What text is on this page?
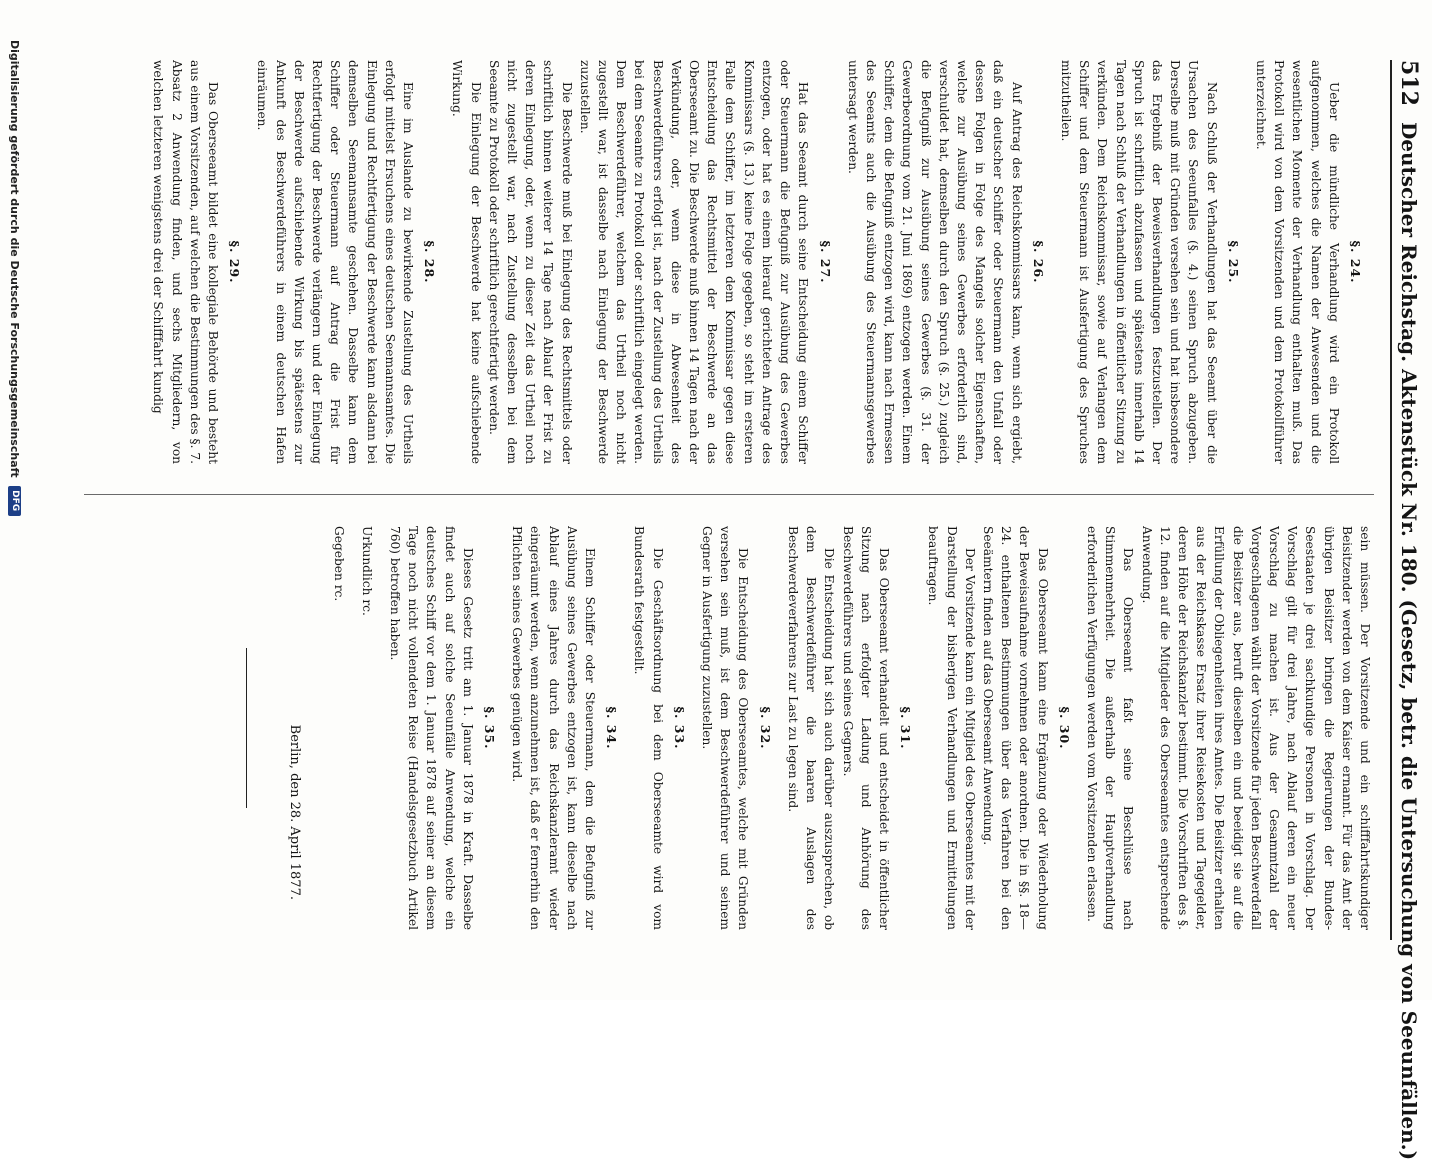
512
Deutscher Reichstag. Aktenstück Nr. 180. (Gesetz, betr. die Untersuchung von Seeunfällen.)
§. 24.
Ueber die mündliche Verhandlung wird ein Protokoll aufgenommen, welches die Namen der Anwesenden und die wesentlichen Momente der Verhandlung enthalten muß. Das Protokoll wird von dem Vorsitzenden und dem Protokollführer unterzeichnet.
§. 25.
Nach Schluß der Verhandlungen hat das Seeamt über die Ursachen des Seeunfalles (§. 4.) seinen Spruch abzugeben. Derselbe muß mit Gründen versehen sein und hat insbesondere das Ergebniß der Beweisverhandlungen festzustellen. Der Spruch ist schriftlich abzufassen und spätestens innerhalb 14 Tagen nach Schluß der Verhandlungen in öffentlicher Sitzung zu verkünden. Dem Reichskommissar, sowie auf Verlangen dem Schiffer und dem Steuermann ist Ausfertigung des Spruches mitzutheilen.
§. 26.
Auf Antrag des Reichskommissars kann, wenn sich ergiebt, daß ein deutscher Schiffer oder Steuermann den Unfall oder dessen Folgen in Folge des Mangels solcher Eigenschaften, welche zur Ausübung seines Gewerbes erforderlich sind, verschuldet hat, demselben durch den Spruch (§. 25.) zugleich die Befugniß zur Ausübung seines Gewerbes (§. 31. der Gewerbeordnung vom 21. Juni 1869) entzogen werden. Einem Schiffer, dem die Befugniß entzogen wird, kann nach Ermessen des Seeamts auch die Ausübung des Steuermannsgewerbes untersagt werden.
§. 27.
Hat das Seeamt durch seine Entscheidung einem Schiffer oder Steuermann die Befugniß zur Ausübung des Gewerbes entzogen, oder hat es einem hierauf gerichteten Antrage des Kommissars (§. 13.) keine Folge gegeben, so steht im ersteren Falle dem Schiffer, im letzteren dem Kommissar gegen diese Entscheidung das Rechtsmittel der Beschwerde an das Oberseeamt zu. Die Beschwerde muß binnen 14 Tagen nach der Verkündung, oder, wenn diese in Abwesenheit des Beschwerdeführers erfolgt ist, nach der Zustellung des Urtheils bei dem Seeamte zu Protokoll oder schriftlich eingelegt werden. Dem Beschwerdeführer, welchem das Urtheil noch nicht zugestellt war, ist dasselbe nach Einlegung der Beschwerde zuzustellen.
Die Beschwerde muß bei Einlegung des Rechtsmittels oder schriftlich binnen weiterer 14 Tage nach Ablauf der Frist zu deren Einlegung, oder, wenn zu dieser Zeit das Urtheil noch nicht zugestellt war, nach Zustellung desselben bei dem Seeamte zu Protokoll oder schriftlich gerechtfertigt werden.
Die Einlegung der Beschwerde hat keine aufschiebende Wirkung.
§. 28.
Eine im Auslande zu bewirkende Zustellung des Urtheils erfolgt mittelst Ersuchens eines deutschen Seemannsamtes. Die Einlegung und Rechtfertigung der Beschwerde kann alsdann bei demselben Seemannsamte geschehen. Dasselbe kann dem Schiffer oder Steuermann auf Antrag die Frist für Rechtfertigung der Beschwerde verlängern und der Einlegung der Beschwerde aufschiebende Wirkung bis spätestens zur Ankunft des Beschwerdeführers in einem deutschen Hafen einräumen.
§. 29.
Das Oberseeamt bildet eine kollegiale Behörde und besteht aus einem Vorsitzenden, auf welchen die Bestimmungen des §. 7. Absatz 2 Anwendung finden, und sechs Mitgliedern, von welchen letzteren wenigstens drei der Schifffahrt kundig
sein müssen. Der Vorsitzende und ein schifffahrtskundiger Beisitzender werden von dem Kaiser ernannt. Für das Amt der übrigen Beisitzer bringen die Regierungen der Bundes-Seestaaten je drei sachkundige Personen in Vorschlag. Der Vorschlag gilt für drei Jahre, nach Ablauf deren ein neuer Vorschlag zu machen ist. Aus der Gesammtzahl der Vorgeschlagenen wählt der Vorsitzende für jeden Beschwerdefall die Beisitzer aus, beruft dieselben ein und beeidigt sie auf die Erfüllung der Obliegenheiten ihres Amtes. Die Beisitzer erhalten aus der Reichskasse Ersatz ihrer Reisekosten und Tagegelder, deren Höhe der Reichskanzler bestimmt. Die Vorschriften des §. 12. finden auf die Mitglieder des Oberseeamtes entsprechende Anwendung.
Das Oberseeamt faßt seine Beschlüsse nach Stimmenmehrheit. Die außerhalb der Hauptverhandlung erforderlichen Verfügungen werden vom Vorsitzenden erlassen.
§. 30.
Das Oberseeamt kann eine Ergänzung oder Wiederholung der Beweisaufnahme vornehmen oder anordnen. Die in §§. 18—24. enthaltenen Bestimmungen über das Verfahren bei den Seeämtern finden auf das Oberseeamt Anwendung.
Der Vorsitzende kann ein Mitglied des Oberseeamtes mit der Darstellung der bisherigen Verhandlungen und Ermittelungen beauftragen.
§. 31.
Das Oberseeamt verhandelt und entscheidet in öffentlicher Sitzung nach erfolgter Ladung und Anhörung des Beschwerdeführers und seines Gegners.
Die Entscheidung hat sich auch darüber auszusprechen, ob dem Beschwerdeführer die baaren Auslagen des Beschwerdeverfahrens zur Last zu legen sind.
§. 32.
Die Entscheidung des Oberseeamtes, welche mit Gründen versehen sein muß, ist dem Beschwerdeführer und seinem Gegner in Ausfertigung zuzustellen.
§. 33.
Die Geschäftsordnung bei dem Oberseeamte wird vom Bundesrath festgestellt.
§. 34.
Einem Schiffer oder Steuermann, dem die Befugniß zur Ausübung seines Gewerbes entzogen ist, kann dieselbe nach Ablauf eines Jahres durch das Reichskanzleramt wieder eingeräumt werden, wenn anzunehmen ist, daß er fernerhin den Pflichten seines Gewerbes genügen wird.
§. 35.
Dieses Gesetz tritt am 1. Januar 1878 in Kraft. Dasselbe findet auch auf solche Seeunfälle Anwendung, welche ein deutsches Schiff vor dem 1. Januar 1878 auf seiner an diesem Tage noch nicht vollendeten Reise (Handelsgesetzbuch Artikel 760) betroffen haben.
Urkundlich rc.
Gegeben rc.
Berlin, den 28. April 1877.
Digitalisierung gefördert durch die Deutsche Forschungsgemeinschaft
DFG
